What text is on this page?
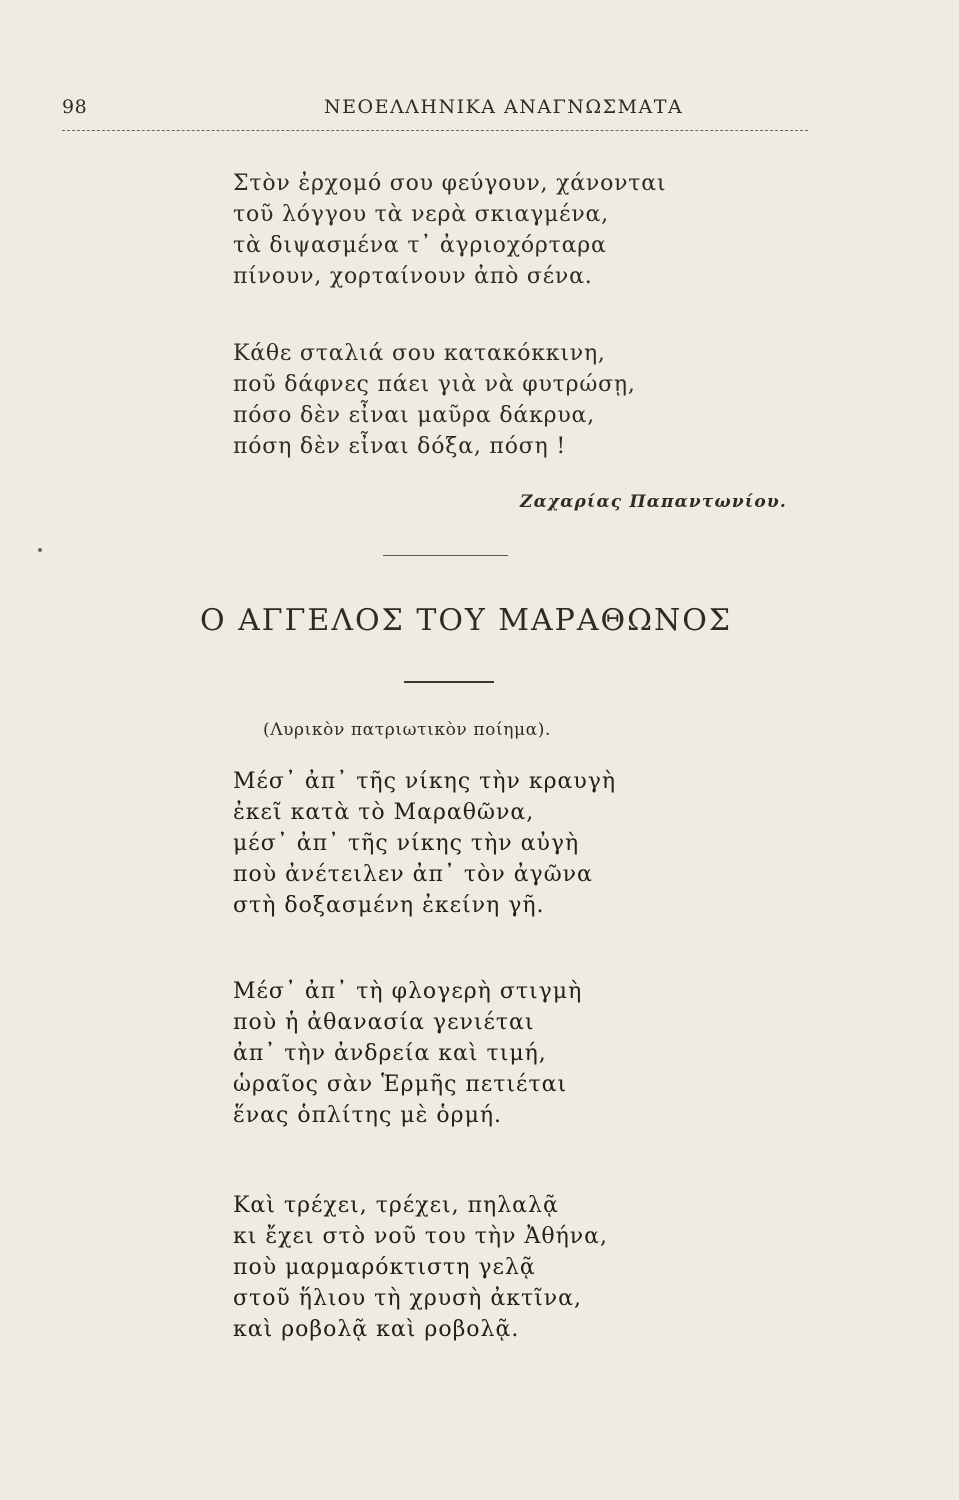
98	ΝΕΟΕΛΛΗΝΙΚΑ ΑΝΑΓΝΩΣΜΑΤΑ
Στὸν ἐρχομό σου φεύγουν, χάνονται
τοῦ λόγγου τὰ νερὰ σκιαγμένα,
τὰ διψασμένα τ᾽ ἀγριοχόρταρα
πίνουν, χορταίνουν ἀπὸ σένα.
Κάθε σταλιά σου κατακόκκινη,
ποῦ δάφνες πάει γιὰ νὰ φυτρώσῃ,
πόσο δὲν εἶναι μαῦρα δάκρυα,
πόση δὲν εἶναι δόξα, πόση !
Ζαχαρίας Παπαντωνίου.
Ο ΑΓΓΕΛΟΣ ΤΟΥ ΜΑΡΑΘΩΝΟΣ
(Λυρικὸν πατριωτικὸν ποίημα).
Μέσ᾽ ἀπ᾽ τῆς νίκης τὴν κραυγὴ
ἐκεῖ κατὰ τὸ Μαραθῶνα,
μέσ᾽ ἀπ᾽ τῆς νίκης τὴν αὐγὴ
ποὺ ἀνέτειλεν ἀπ᾽ τὸν ἀγῶνα
στὴ δοξασμένη ἐκείνη γῆ.
Μέσ᾽ ἀπ᾽ τὴ φλογερὴ στιγμὴ
ποὺ ἡ ἀθανασία γενιέται
ἀπ᾽ τὴν ἀνδρεία καὶ τιμή,
ὡραῖος σὰν Ἑρμῆς πετιέται
ἕνας ὁπλίτης μὲ ὁρμή.
Καὶ τρέχει, τρέχει, πηλαλᾷ
κι ἔχει στὸ νοῦ του τὴν Ἀθήνα,
ποὺ μαρμαρόκτιστη γελᾷ
στοῦ ἥλιου τὴ χρυσὴ ἀκτῖνα,
καὶ ροβολᾷ καὶ ροβολᾷ.
